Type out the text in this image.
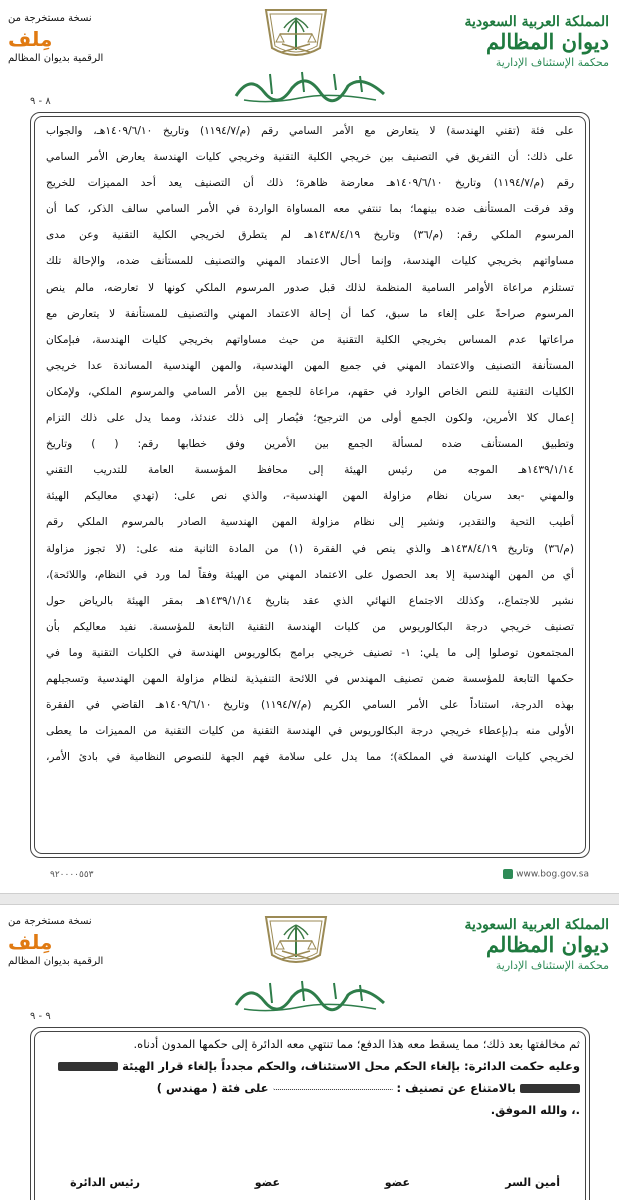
نسخة مستخرجة من مِلف
الرقمية بديوان المظالم
المملكة العربية السعودية
ديوان المظالم
محكمة الإستئناف الإدارية
٨ - ٩
على فئة (تقني الهندسة) لا يتعارض مع الأمر السامي رقم (م/١١٩٤/٧) وتاريخ ١٤٠٩/٦/١٠هـ، والجواب
على ذلك: أن التفريق في التصنيف بين خريجي الكلية التقنية وخريجي كليات الهندسة يعارض الأمر السامي
رقم (م/١١٩٤/٧) وتاريخ ١٤٠٩/٦/١٠هـ معارضة ظاهرة؛ ذلك أن التصنيف يعد أحد المميزات للخريج
وقد فرقت المستأنف ضده بينهما؛ بما تنتفي معه المساواة الواردة في الأمر السامي سالف الذكر، كما أن
المرسوم الملكي رقم: (م/٣٦) وتاريخ ١٤٣٨/٤/١٩هـ لم يتطرق لخريجي الكلية التقنية وعن مدى
مساواتهم بخريجي كليات الهندسة، وإنما أحال الاعتماد المهني والتصنيف للمستأنف ضده، والإحالة تلك
تستلزم مراعاة الأوامر السامية المنظمة لذلك قبل صدور المرسوم الملكي كونها لا تعارضه، مالم ينص
المرسوم صراحةً على إلغاء ما سبق، كما أن إحالة الاعتماد المهني والتصنيف للمستأنفة لا يتعارض مع
مراعاتها عدم المساس بخريجي الكلية التقنية من حيث مساواتهم بخريجي كليات الهندسة، فبإمكان
المستأنفة التصنيف والاعتماد المهني في جميع المهن الهندسية، والمهن الهندسية المساندة عدا خريجي
الكليات التقنية للنص الخاص الوارد في حقهم، مراعاة للجمع بين الأمر السامي والمرسوم الملكي، ولإمكان
إعمال كلا الأمرين، ولكون الجمع أولى من الترجيح؛ فيُصار إلى ذلك عندئذ، ومما يدل على ذلك التزام
وتطبيق المستأنف ضده لمسألة الجمع بين الأمرين وفق خطابها رقم: ( ) وتاريخ
١٤٣٩/١/١٤هـ الموجه من رئيس الهيئة إلى محافظ المؤسسة العامة للتدريب التقني
والمهني -بعد سريان نظام مزاولة المهن الهندسية-، والذي نص على: (تهدي معاليكم الهيئة
أطيب التحية والتقدير، ونشير إلى نظام مزاولة المهن الهندسية الصادر بالمرسوم الملكي رقم
(م/٣٦) وتاريخ ١٤٣٨/٤/١٩هـ والذي ينص في الفقرة (١) من المادة الثانية منه على: (لا تجوز مزاولة
أي من المهن الهندسية إلا بعد الحصول على الاعتماد المهني من الهيئة وفقاً لما ورد في النظام، واللائحة)،
نشير للاجتماع.، وكذلك الاجتماع النهائي الذي عقد بتاريخ ١٤٣٩/١/١٤هـ بمقر الهيئة بالرياض حول
تصنيف خريجي درجة البكالوريوس من كليات الهندسة التقنية التابعة للمؤسسة. نفيد معاليكم بأن
المجتمعون توصلوا إلى ما يلي: ١- تصنيف خريجي برامج بكالوريوس الهندسة في الكليات التقنية وما في
حكمها التابعة للمؤسسة ضمن تصنيف المهندس في اللائحة التنفيذية لنظام مزاولة المهن الهندسية وتسجيلهم
بهذه الدرجة، استناداً على الأمر السامي الكريم (م/١١٩٤/٧) وتاريخ ١٤٠٩/٦/١٠هـ القاضي في الفقرة
الأولى منه بـ(بإعطاء خريجي درجة البكالوريوس في الهندسة التقنية من كليات التقنية من المميزات ما يعطى
لخريجي كليات الهندسة في المملكة)؛ مما يدل على سلامة فهم الجهة للنصوص النظامية في بادئ الأمر،
٩٢٠٠٠٠٥٥٣	www.bog.gov.sa
نسخة مستخرجة من مِلف
الرقمية بديوان المظالم
المملكة العربية السعودية
ديوان المظالم
محكمة الإستئناف الإدارية
٩ - ٩
ثم مخالفتها بعد ذلك؛ مما يسقط معه هذا الدفع؛ مما تنتهي معه الدائرة إلى حكمها المدون أدناه.
وعليه حكمت الدائرة: بإلغاء الحكم محل الاستئناف، والحكم مجدداً بإلغاء قرار الهيئة
بالامتناع عن تصنيف :  على فئة ( مهندس )
.، والله الموفق.
أمين السر
عضو
عضو
رئيس الدائرة
